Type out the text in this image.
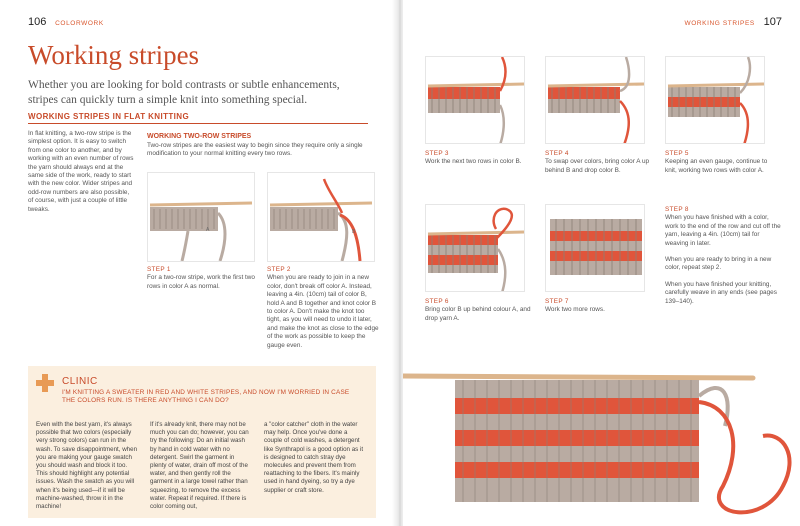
106 COLORWORK
Working stripes

Whether you are looking for bold contrasts or subtle enhancements, stripes can quickly turn a simple knit into something special.

WORKING STRIPES IN FLAT KNITTING

In flat knitting, a two-row stripe is the simplest option. It is easy to switch from one color to another, and by working with an even number of rows the yarn should always end at the same side of the work, ready to start with the new color. Wider stripes and odd-row numbers are also possible, of course, with just a couple of little tweaks.

WORKING TWO-ROW STRIPES

Two-row stripes are the easiest way to begin since they require only a single modification to your normal knitting every two rows.

A
STEP 1
For a two-row stripe, work the first two rows in color A as normal.
B
STEP 2
When you are ready to join in a new color, don't break off color A. Instead, leaving a 4in. (10cm) tail of color B, hold A and B together and knot color B to color A. Don't make the knot too tight, as you will need to undo it later, and make the knot as close to the edge of the work as possible to keep the gauge even.
CLINIC
I'M KNITTING A SWEATER IN RED AND WHITE STRIPES, AND NOW I'M WORRIED IN CASE THE COLORS RUN. IS THERE ANYTHING I CAN DO?

Even with the best yarn, it's always possible that two colors (especially very strong colors) can run in the wash. To save disappointment, when you are making your gauge swatch you should wash and block it too. This should highlight any potential issues. Wash the swatch as you will when it's being used—if it will be machine-washed, throw it in the machine!

If it's already knit, there may not be much you can do; however, you can try the following: Do an initial wash by hand in cold water with no detergent. Swirl the garment in plenty of water, drain off most of the water, and then gently roll the garment in a large towel rather than squeezing, to remove the excess water. Repeat if required. If there is color coming out,

a "color catcher" cloth in the water may help. Once you've done a couple of cold washes, a detergent like Synthrapol is a good option as it is designed to catch stray dye molecules and prevent them from reattaching to the fibers. It's mainly used in hand dyeing, so try a dye supplier or craft store.

WORKING STRIPES 107
STEP 3
Work the next two rows in color B.
STEP 4
To swap over colors, bring color A up behind B and drop color B.
STEP 5
Keeping an even gauge, continue to knit, working two rows with color A.
STEP 6
Bring color B up behind colour A, and drop yarn A.
STEP 7
Work two more rows.
STEP 8
When you have finished with a color, work to the end of the row and cut off the yarn, leaving a 4in. (10cm) tail for weaving in later.
When you are ready to bring in a new color, repeat step 2.
When you have finished your knitting, carefully weave in any ends (see pages 139–140).
